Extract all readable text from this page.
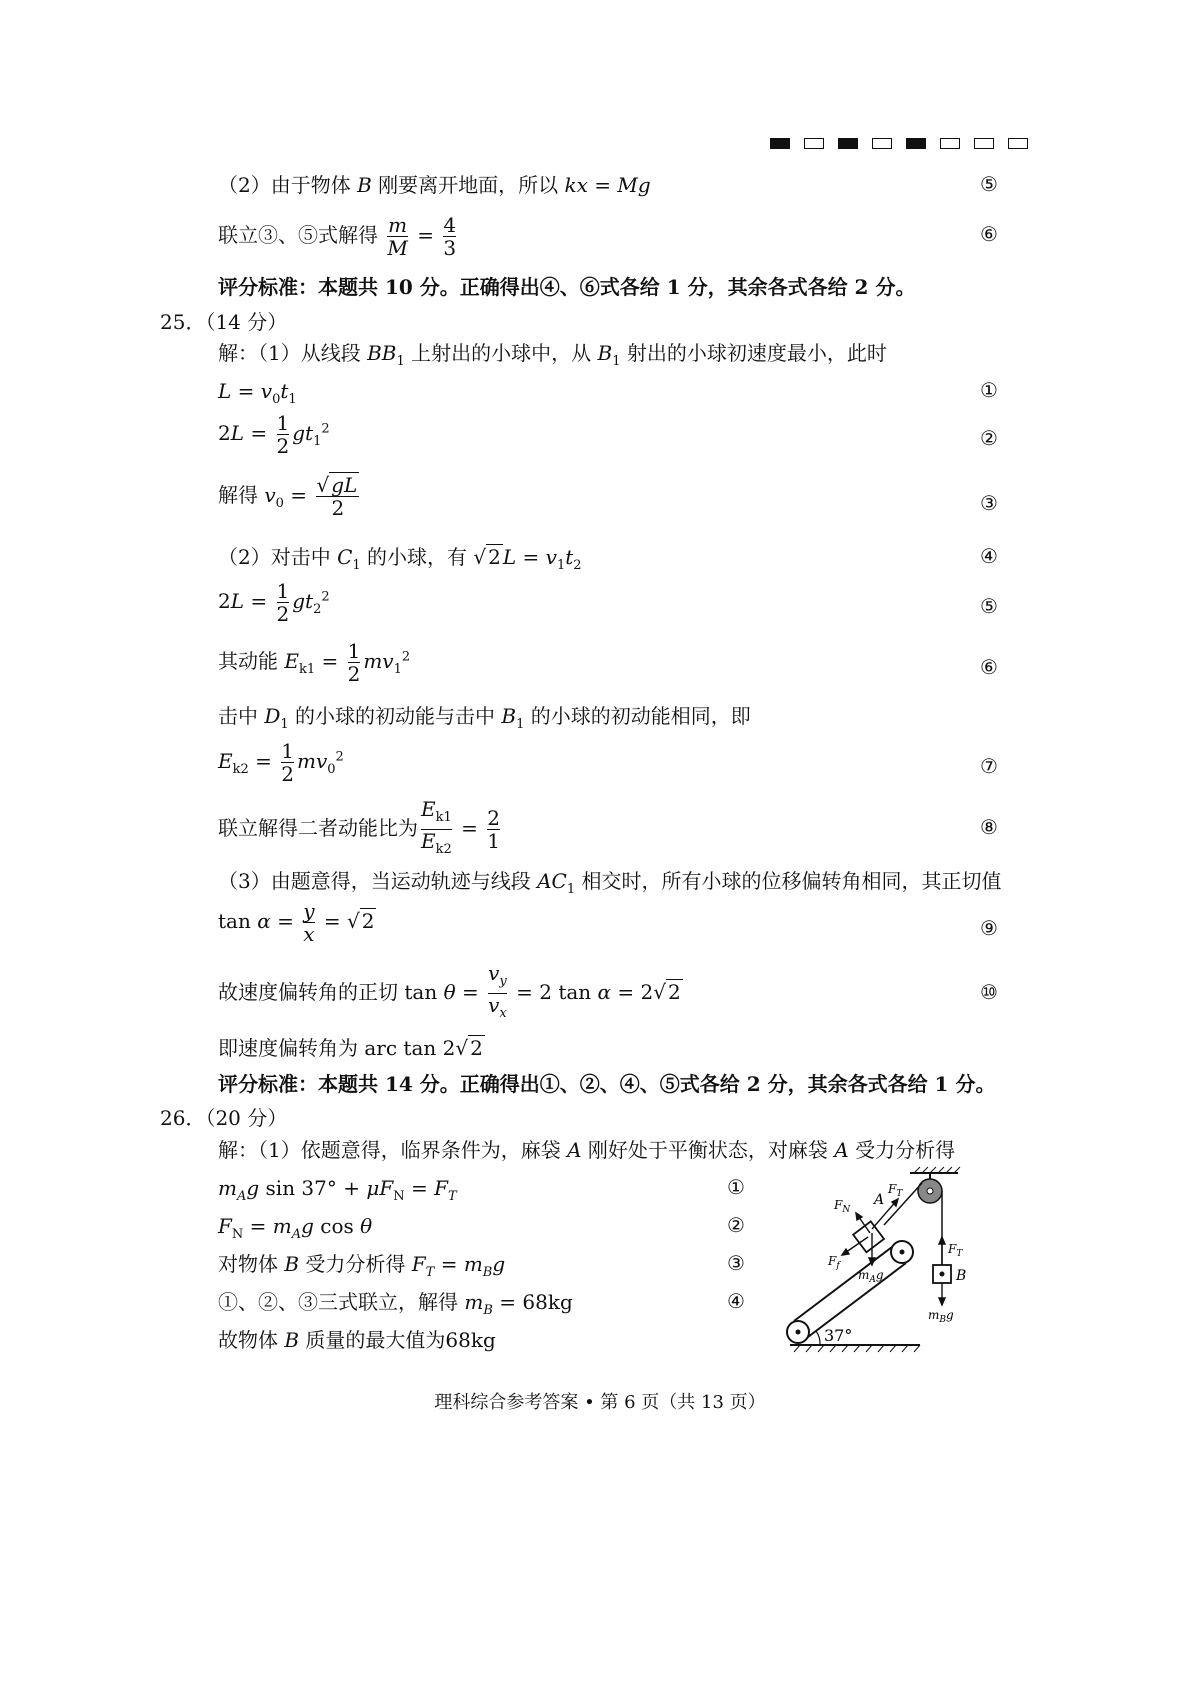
（2）由于物体 B 刚要离开地面，所以 kx = Mg	⑤
联立③、⑤式解得 $\frac{m}{M} = \frac{4}{3}$	⑥
评分标准：本题共 10 分。正确得出④、⑥式各给 1 分，其余各式各给 2 分。
25．（14 分）
解：（1）从线段 $BB_1$ 上射出的小球中，从 $B_1$ 射出的小球初速度最小，此时
$L = v_0t_1$	①
$2L = \frac{1}{2} gt_1^2$	②
解得 $v_0 = \frac{√ gL}{2}$	③
（2）对击中 $C_1$ 的小球，有 √ 2 $L = v_1t_2$	④
$2L = \frac{1}{2} gt_2^2$	⑤
其动能 $E_{k1} = \frac{1}{2} mv_1^2$	⑥
击中 $D_1$ 的小球的初动能与击中 $B_1$ 的小球的初动能相同，即
$E_{k2} = \frac{1}{2} mv_0^2$	⑦
联立解得二者动能比为 $\frac{E_{k1}}{E_{k2}} = \frac{2}{1}$	⑧
（3）由题意得，当运动轨迹与线段 $AC_1$ 相交时，所有小球的位移偏转角相同，其正切值
$\tan \alpha = \frac{y}{x}$ = √ 2	⑨
故速度偏转角的正切 $\tan \theta = \frac{v_y}{v_x} = 2$ tan α = 2√ 2	⑩
即速度偏转角为 arc tan 2√ 2
评分标准：本题共 14 分。正确得出①、②、④、⑤式各给 2 分，其余各式各给 1 分。
26．（20 分）
解：（1）依题意得，临界条件为，麻袋 A 刚好处于平衡状态，对麻袋 A 受力分析得
$m_Ag$ $\sin 37^\circ + \mu F_N = F_T$	①
$F_N = m_Ag$ cos θ	②
对物体 B 受力分析得 $F_T = m_Bg$	③
①、②、③三式联立，解得 $m_B = 68kg$	④
故物体 B 质量的最大值为68kg	37°
A
B
$F_N$
$F_T$
$F_f$
$m_Ag$
$F_T$
$m_Bg$
理科综合参考答案 • 第 6 页（共 13 页）
